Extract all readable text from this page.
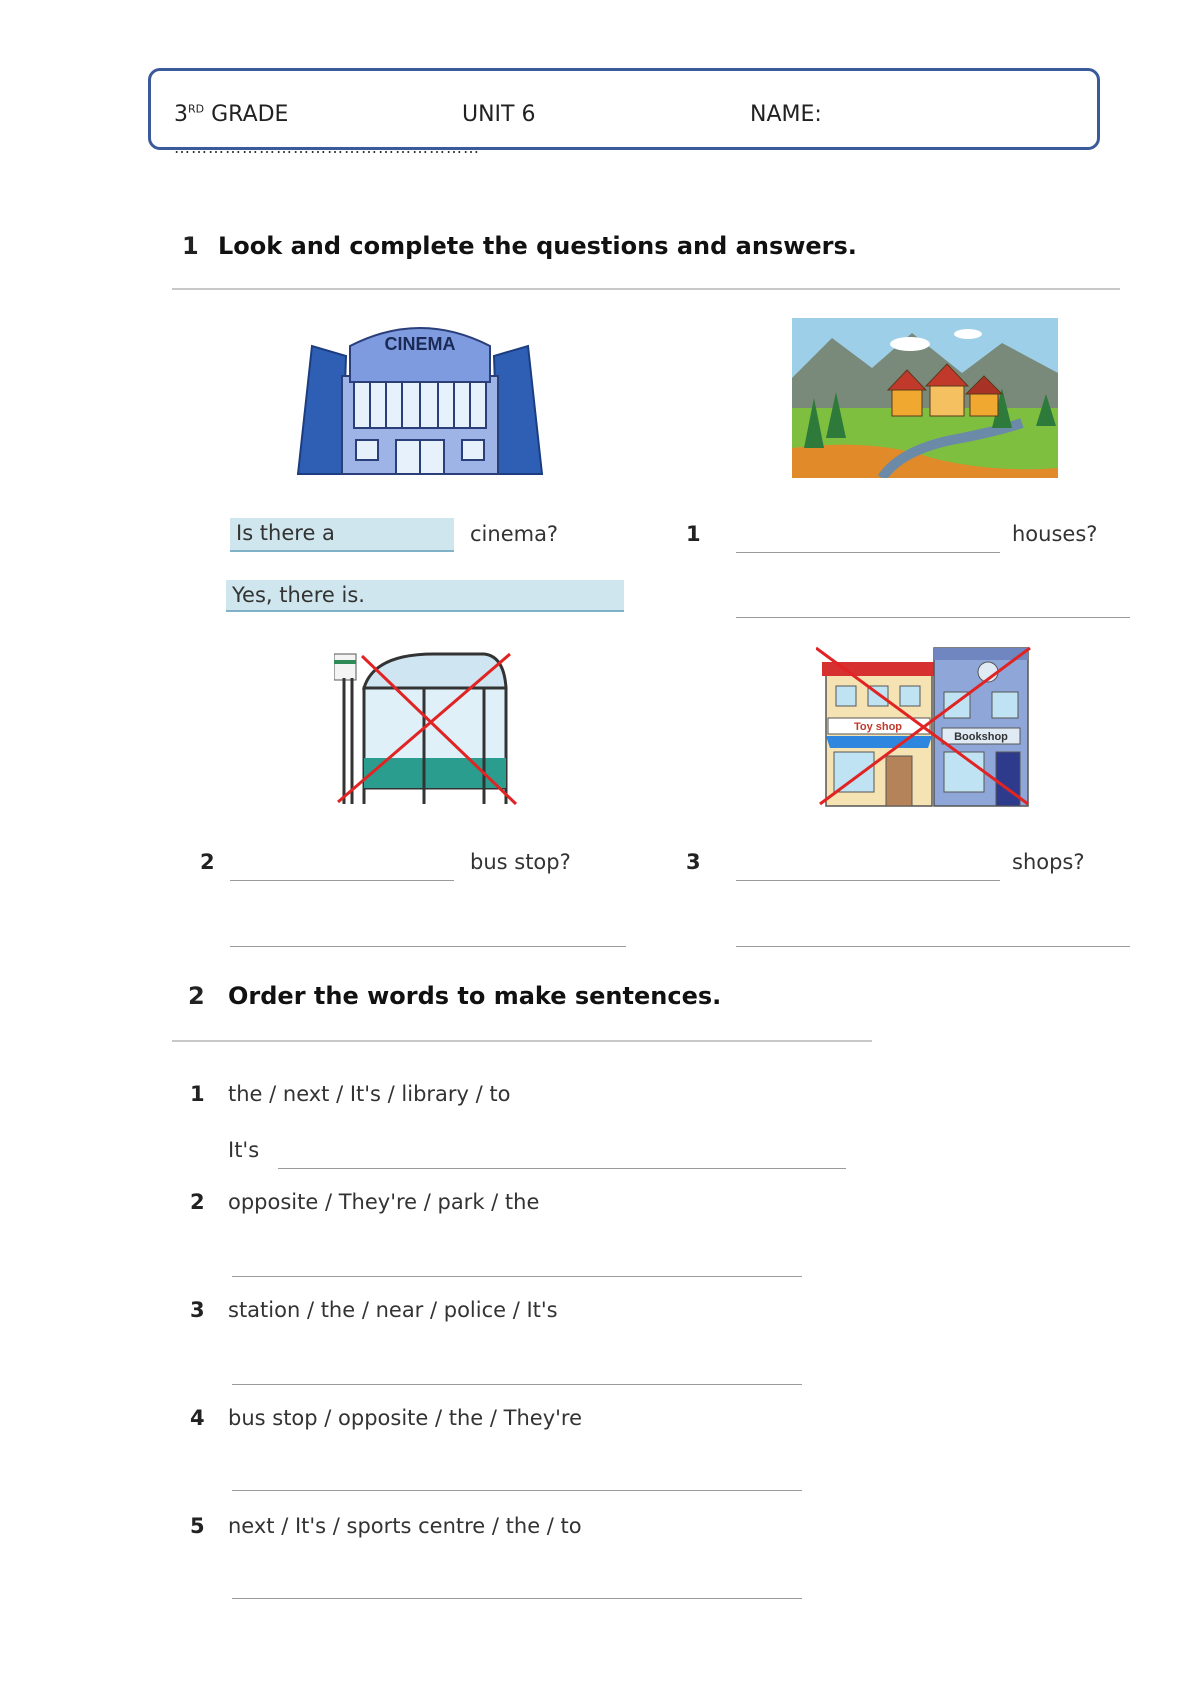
3RD GRADE	UNIT 6	NAME:
………………………………………………
1 Look and complete the questions and answers.
CINEMA
Is there a	cinema?
Yes, there is.
1	houses?
Toy shop
Bookshop
2	bus stop?	3	shops?
2 Order the words to make sentences.
1 the / next / It's / library / to
It's
2 opposite / They're / park / the
3 station / the / near / police / It's
4 bus stop / opposite / the / They're
5 next / It's / sports centre / the / to
